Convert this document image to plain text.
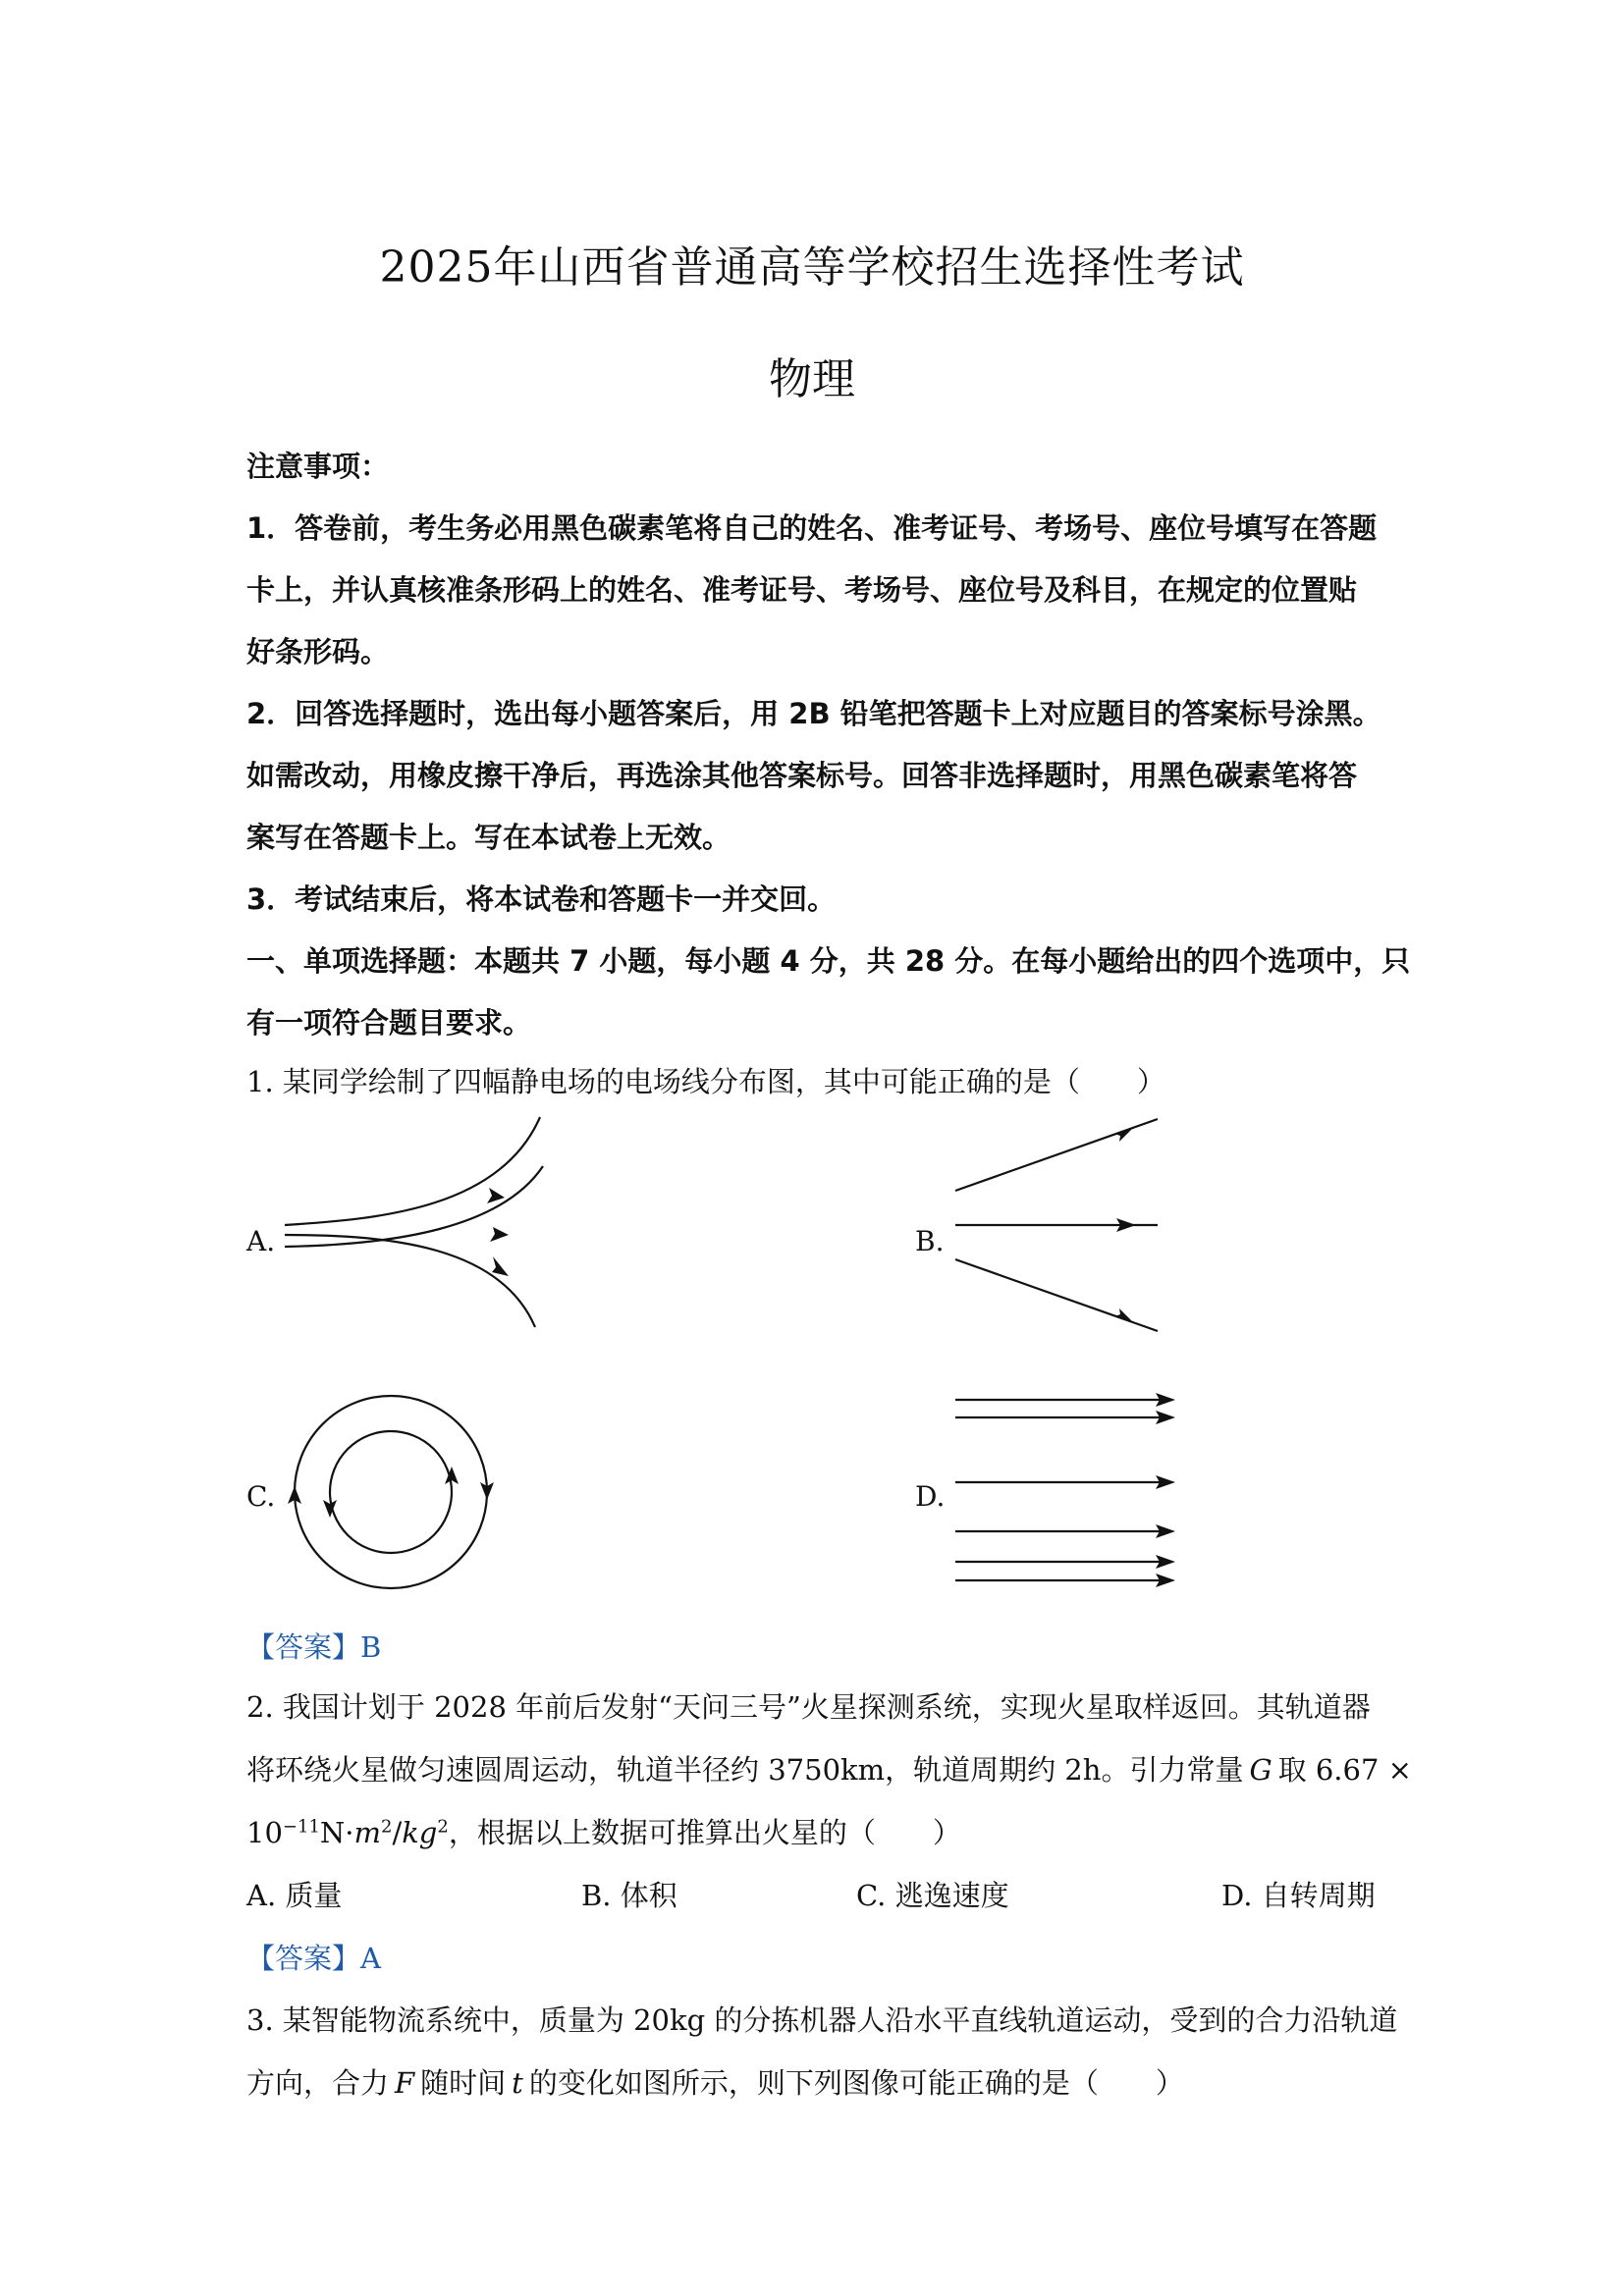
2025年山西省普通高等学校招生选择性考试
物理
注意事项：
1．答卷前，考生务必用黑色碳素笔将自己的姓名、准考证号、考场号、座位号填写在答题
卡上，并认真核准条形码上的姓名、准考证号、考场号、座位号及科目，在规定的位置贴
好条形码。
2．回答选择题时，选出每小题答案后，用 2B 铅笔把答题卡上对应题目的答案标号涂黑。
如需改动，用橡皮擦干净后，再选涂其他答案标号。回答非选择题时，用黑色碳素笔将答
案写在答题卡上。写在本试卷上无效。
3．考试结束后，将本试卷和答题卡一并交回。
一、单项选择题：本题共 7 小题，每小题 4 分，共 28 分。在每小题给出的四个选项中，只
有一项符合题目要求。
1. 某同学绘制了四幅静电场的电场线分布图，其中可能正确的是（　　）
A.	B.
C.	D.
【答案】B
2. 我国计划于 2028 年前后发射“天问三号”火星探测系统，实现火星取样返回。其轨道器
将环绕火星做匀速圆周运动，轨道半径约 3750km，轨道周期约 2h。引力常量 G 取 6.67 ×
$10^{-11}N\cdot m^2/kg^2$，根据以上数据可推算出火星的（　　）
A. 质量	B. 体积	C. 逃逸速度	D. 自转周期
【答案】A
3. 某智能物流系统中，质量为 20kg 的分拣机器人沿水平直线轨道运动，受到的合力沿轨道
方向，合力 F 随时间 t 的变化如图所示，则下列图像可能正确的是（　　）
